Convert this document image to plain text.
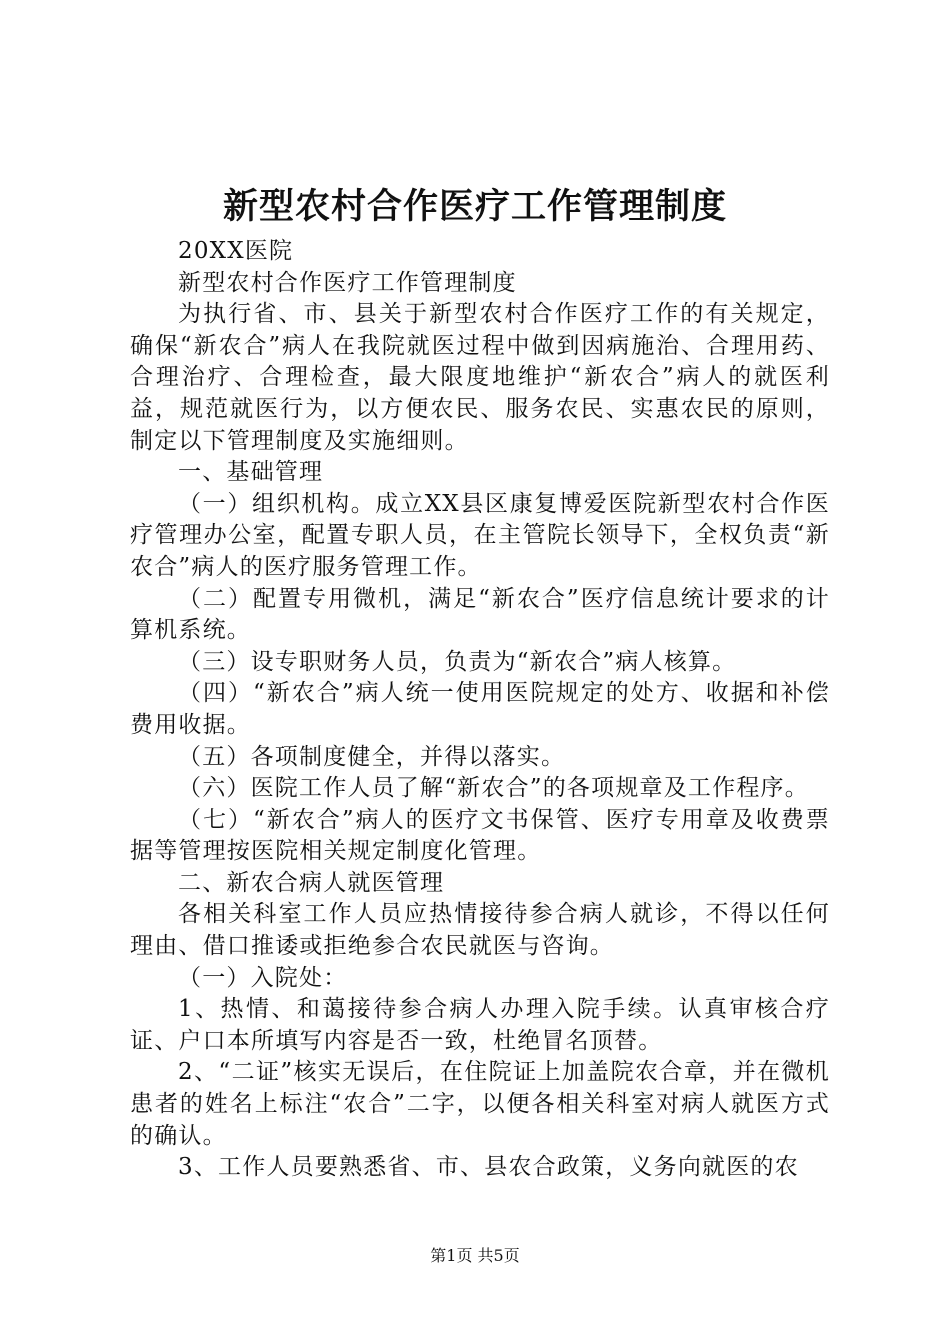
新型农村合作医疗工作管理制度

20XX医院

新型农村合作医疗工作管理制度

为执行省、市、县关于新型农村合作医疗工作的有关规定，确保“新农合”病人在我院就医过程中做到因病施治、合理用药、合理治疗、合理检查，最大限度地维护“新农合”病人的就医利益，规范就医行为，以方便农民、服务农民、实惠农民的原则，制定以下管理制度及实施细则。

一、基础管理

（一）组织机构。成立XX县区康复博爱医院新型农村合作医疗管理办公室，配置专职人员，在主管院长领导下，全权负责“新农合”病人的医疗服务管理工作。

（二）配置专用微机，满足“新农合”医疗信息统计要求的计算机系统。

（三）设专职财务人员，负责为“新农合”病人核算。

（四）“新农合”病人统一使用医院规定的处方、收据和补偿费用收据。

（五）各项制度健全，并得以落实。

（六）医院工作人员了解“新农合”的各项规章及工作程序。

（七）“新农合”病人的医疗文书保管、医疗专用章及收费票据等管理按医院相关规定制度化管理。

二、新农合病人就医管理

各相关科室工作人员应热情接待参合病人就诊，不得以任何理由、借口推诿或拒绝参合农民就医与咨询。

（一）入院处：

1、热情、和蔼接待参合病人办理入院手续。认真审核合疗证、户口本所填写内容是否一致，杜绝冒名顶替。

2、“二证”核实无误后，在住院证上加盖院农合章，并在微机患者的姓名上标注“农合”二字，以便各相关科室对病人就医方式的确认。

3、工作人员要熟悉省、市、县农合政策，义务向就医的农

第1页 共5页
